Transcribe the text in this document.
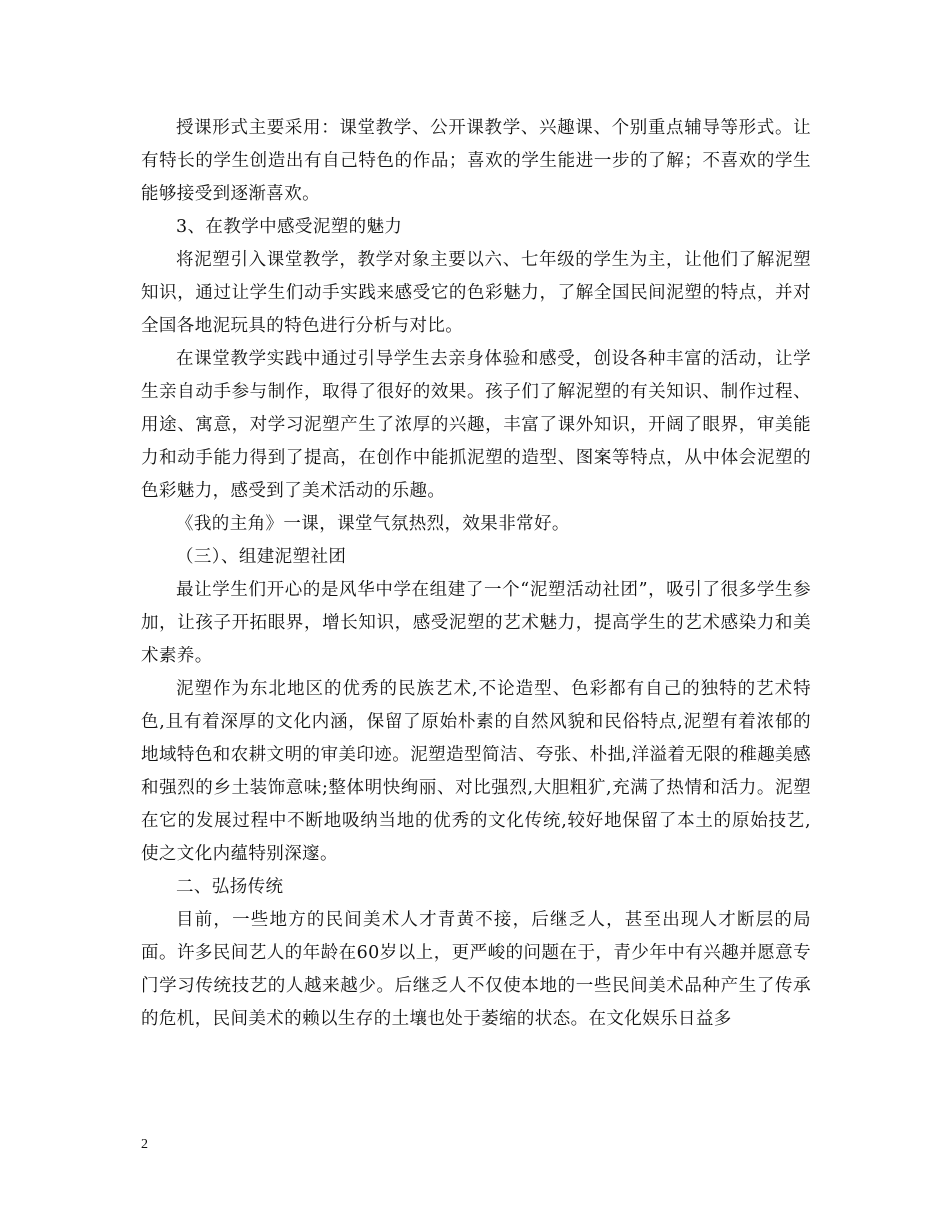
授课形式主要采用：课堂教学、公开课教学、兴趣课、个别重点辅导等形式。让有特长的学生创造出有自己特色的作品；喜欢的学生能进一步的了解；不喜欢的学生能够接受到逐渐喜欢。

3、在教学中感受泥塑的魅力

将泥塑引入课堂教学，教学对象主要以六、七年级的学生为主，让他们了解泥塑知识，通过让学生们动手实践来感受它的色彩魅力，了解全国民间泥塑的特点，并对全国各地泥玩具的特色进行分析与对比。

在课堂教学实践中通过引导学生去亲身体验和感受，创设各种丰富的活动，让学生亲自动手参与制作，取得了很好的效果。孩子们了解泥塑的有关知识、制作过程、用途、寓意，对学习泥塑产生了浓厚的兴趣，丰富了课外知识，开阔了眼界，审美能力和动手能力得到了提高，在创作中能抓泥塑的造型、图案等特点，从中体会泥塑的色彩魅力，感受到了美术活动的乐趣。

《我的主角》一课，课堂气氛热烈，效果非常好。

（三）、组建泥塑社团

最让学生们开心的是风华中学在组建了一个“泥塑活动社团”，吸引了很多学生参加，让孩子开拓眼界，增长知识，感受泥塑的艺术魅力，提高学生的艺术感染力和美术素养。

泥塑作为东北地区的优秀的民族艺术,不论造型、色彩都有自己的独特的艺术特色,且有着深厚的文化内涵，保留了原始朴素的自然风貌和民俗特点,泥塑有着浓郁的地域特色和农耕文明的审美印迹。泥塑造型简洁、夸张、朴拙,洋溢着无限的稚趣美感和强烈的乡土装饰意味;整体明快绚丽、对比强烈,大胆粗犷,充满了热情和活力。泥塑在它的发展过程中不断地吸纳当地的优秀的文化传统,较好地保留了本土的原始技艺,使之文化内蕴特别深邃。

二、弘扬传统

目前，一些地方的民间美术人才青黄不接，后继乏人，甚至出现人才断层的局面。许多民间艺人的年龄在60岁以上，更严峻的问题在于，青少年中有兴趣并愿意专门学习传统技艺的人越来越少。后继乏人不仅使本地的一些民间美术品种产生了传承的危机，民间美术的赖以生存的土壤也处于萎缩的状态。在文化娱乐日益多

2
